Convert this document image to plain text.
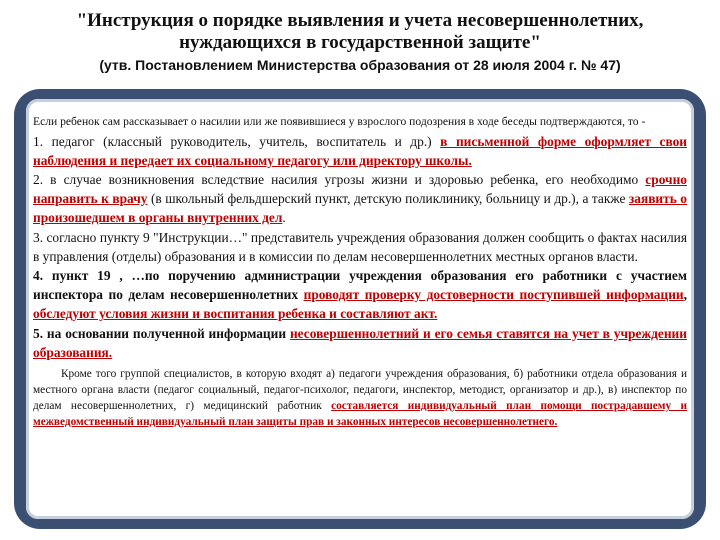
"Инструкция о порядке выявления и учета несовершеннолетних,
нуждающихся в государственной защите"
(утв. Постановлением Министерства образования от 28 июля 2004 г. № 47)
Если ребенок сам рассказывает о насилии или же появившиеся у взрослого подозрения в ходе беседы подтверждаются, то -
1. педагог (классный руководитель, учитель, воспитатель и др.) в письменной форме оформляет свои наблюдения и передает их социальному педагогу или директору школы.
2. в случае возникновения вследствие насилия угрозы жизни и здоровью ребенка, его необходимо срочно направить к врачу (в школьный фельдшерский пункт, детскую поликлинику, больницу и др.), а также заявить о произошедшем в органы внутренних дел.
3. согласно пункту 9 "Инструкции…" представитель учреждения образования должен сообщить о фактах насилия в управления (отделы) образования и в комиссии по делам несовершеннолетних местных органов власти.
4. пункт 19 , …по поручению администрации учреждения образования его работники с участием инспектора по делам несовершеннолетних проводят проверку достоверности поступившей информации, обследуют условия жизни и воспитания ребенка и составляют акт.
5. на основании полученной информации несовершеннолетний и его семья ставятся на учет в учреждении образования.
Кроме того группой специалистов, в которую входят а) педагоги учреждения образования, б) работники отдела образования и местного органа власти (педагог социальный, педагог-психолог, педагоги, инспектор, методист, организатор и др.), в) инспектор по делам несовершеннолетних, г) медицинский работник составляется индивидуальный план помощи пострадавшему и межведомственный индивидуальный план защиты прав и законных интересов несовершеннолетнего.
